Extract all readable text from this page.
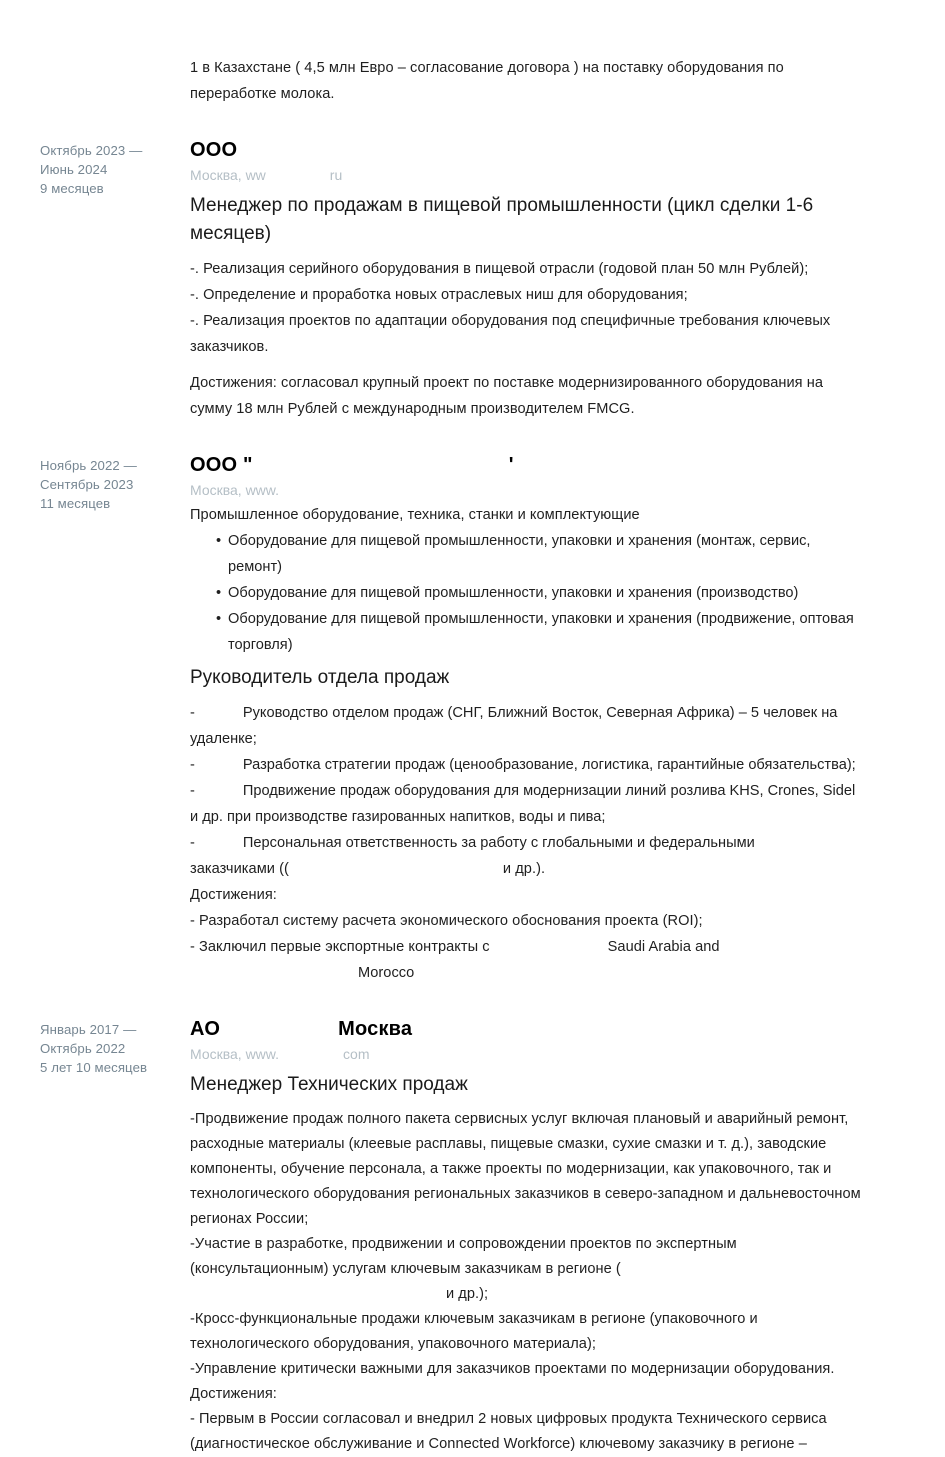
1 в Казахстане ( 4,5 млн Евро – согласование договора ) на поставку оборудования по

переработке молока.

Октябрь 2023 —
Июнь 2024
9 месяцев
ООО
Москва, ww	ru
Менеджер по продажам в пищевой промышленности (цикл сделки 1-6 месяцев)

-. Реализация серийного оборудования в пищевой отрасли (годовой план 50 млн Рублей);

-. Определение и проработка новых отраслевых ниш для оборудования;

-. Реализация проектов по адаптации оборудования под специфичные требования ключевых заказчиков.

Достижения: согласовал крупный проект по поставке модернизированного оборудования на сумму 18 млн Рублей с международным производителем FMCG.

Ноябрь 2022 —
Сентябрь 2023
11 месяцев
ООО "	'
Москва, www.

Промышленное оборудование, техника, станки и комплектующие

• Оборудование для пищевой промышленности, упаковки и хранения (монтаж, сервис, ремонт)
• Оборудование для пищевой промышленности, упаковки и хранения (производство)
• Оборудование для пищевой промышленности, упаковки и хранения (продвижение, оптовая торговля)
Руководитель отдела продаж

-	Руководство отделом продаж (СНГ, Ближний Восток, Северная Африка) – 5 человек на удаленке;

-	Разработка стратегии продаж (ценообразование, логистика, гарантийные обязательства);

-	Продвижение продаж оборудования для модернизации линий розлива KHS, Crones, Sidel и др. при производстве газированных напитков, воды и пива;

-	Персональная ответственность за работу с глобальными и федеральными

заказчиками ((	и др.).

Достижения:

- Разработал систему расчета экономического обоснования проекта (ROI);

- Заключил первые экспортные контракты с	Saudi Arabia andMorocco

Январь 2017 —
Октябрь 2022
5 лет 10 месяцев
АО	Москва
Москва, www.	com
Менеджер Технических продаж

-Продвижение продаж полного пакета сервисных услуг включая плановый и аварийный ремонт, расходные материалы (клеевые расплавы, пищевые смазки, сухие смазки и т. д.), заводские компоненты, обучение персонала, а также проекты по модернизации, как упаковочного, так и технологического оборудования региональных заказчиков в северо-западном и дальневосточном регионах России;

-Участие в разработке, продвижении и сопровождении проектов по экспертным

(консультационным) услугам ключевым заказчикам в регионе (

и др.);

-Кросс-функциональные продажи ключевым заказчикам в регионе (упаковочного и технологического оборудования, упаковочного материала);

-Управление критически важными для заказчиков проектами по модернизации оборудования.

Достижения:

- Первым в России согласовал и внедрил 2 новых цифровых продукта Технического сервиса (диагностическое обслуживание и Connected Workforce) ключевому заказчику в регионе –
